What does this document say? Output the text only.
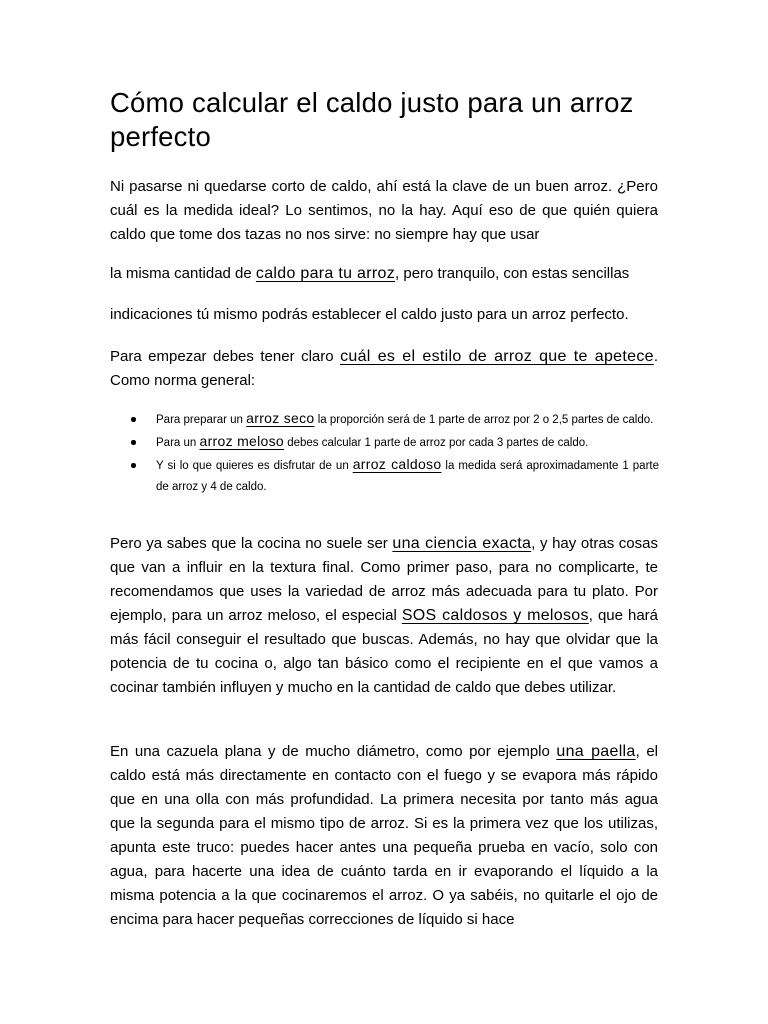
Cómo calcular el caldo justo para un arroz perfecto

Ni pasarse ni quedarse corto de caldo, ahí está la clave de un buen arroz. ¿Pero cuál es la medida ideal? Lo sentimos, no la hay. Aquí eso de que quién quiera caldo que tome dos tazas no nos sirve: no siempre hay que usar

la misma cantidad de caldo para tu arroz, pero tranquilo, con estas sencillas

indicaciones tú mismo podrás establecer el caldo justo para un arroz perfecto.

Para empezar debes tener claro cuál es el estilo de arroz que te apetece. Como norma general:

Para preparar un arroz seco la proporción será de 1 parte de arroz por 2 o 2,5 partes de caldo.
Para un arroz meloso debes calcular 1 parte de arroz por cada 3 partes de caldo.
Y si lo que quieres es disfrutar de un arroz caldoso la medida será aproximadamente 1 parte de arroz y 4 de caldo.

Pero ya sabes que la cocina no suele ser una ciencia exacta, y hay otras cosas que van a influir en la textura final. Como primer paso, para no complicarte, te recomendamos que uses la variedad de arroz más adecuada para tu plato. Por ejemplo, para un arroz meloso, el especial SOS caldosos y melosos, que hará más fácil conseguir el resultado que buscas. Además, no hay que olvidar que la potencia de tu cocina o, algo tan básico como el recipiente en el que vamos a cocinar también influyen y mucho en la cantidad de caldo que debes utilizar.

En una cazuela plana y de mucho diámetro, como por ejemplo una paella, el caldo está más directamente en contacto con el fuego y se evapora más rápido que en una olla con más profundidad. La primera necesita por tanto más agua que la segunda para el mismo tipo de arroz. Si es la primera vez que los utilizas, apunta este truco: puedes hacer antes una pequeña prueba en vacío, solo con agua, para hacerte una idea de cuánto tarda en ir evaporando el líquido a la misma potencia a la que cocinaremos el arroz. O ya sabéis, no quitarle el ojo de encima para hacer pequeñas correcciones de líquido si hace
